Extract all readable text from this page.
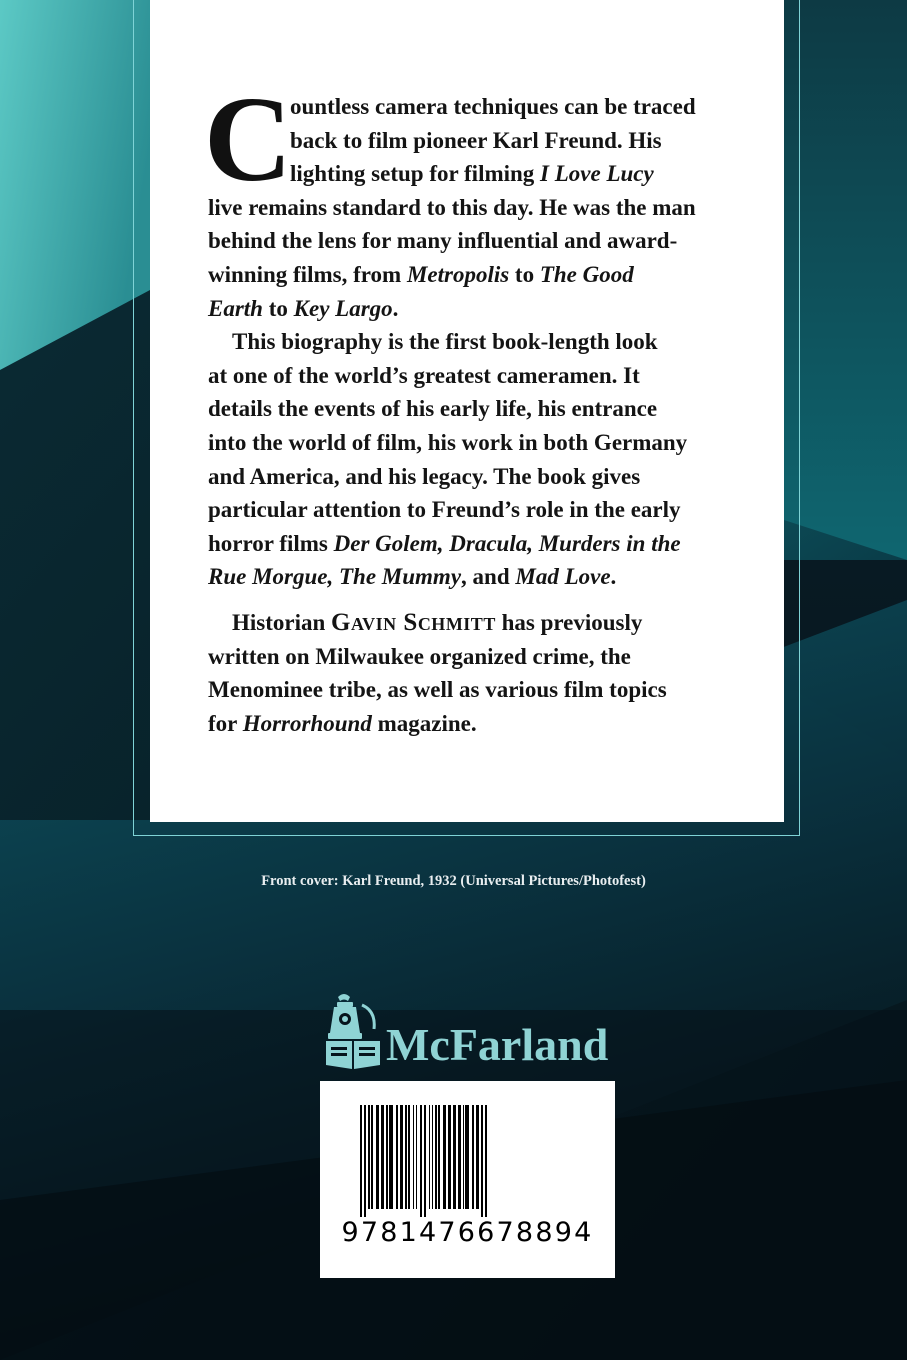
C
ountless camera techniques can be traced
back to film pioneer Karl Freund. His
lighting setup for filming I Love Lucy
live remains standard to this day. He was the man
behind the lens for many influential and award-
winning films, from Metropolis to The Good
Earth to Key Largo.

This biography is the first book-length look
at one of the world’s greatest cameramen. It
details the events of his early life, his entrance
into the world of film, his work in both Germany
and America, and his legacy. The book gives
particular attention to Freund’s role in the early
horror films Der Golem, Dracula, Murders in the
Rue Morgue, The Mummy, and Mad Love.

Historian Gavin Schmitt has previously
written on Milwaukee organized crime, the
Menominee tribe, as well as various film topics
for Horrorhound magazine.

Front cover: Karl Freund, 1932 (Universal Pictures/Photofest)
McFarland
9781476678894
